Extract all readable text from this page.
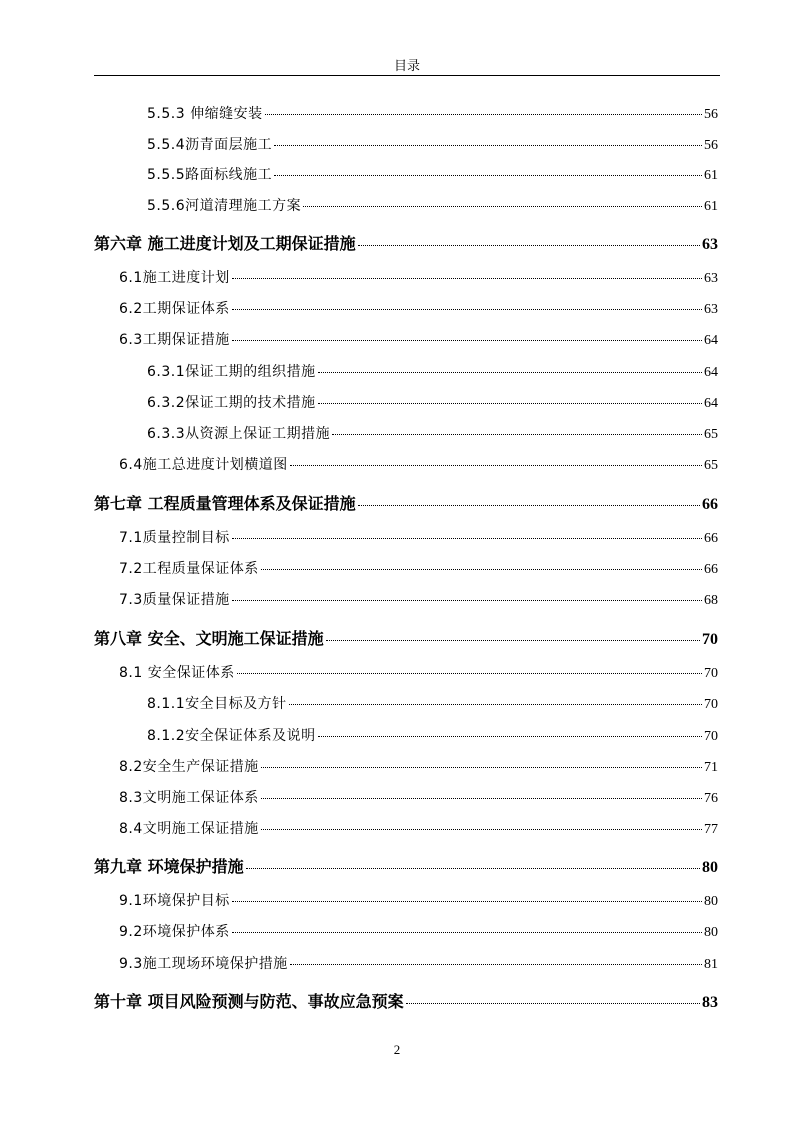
目录
5.5.3 伸缩缝安装	56
5.5.4沥青面层施工	56
5.5.5路面标线施工	61
5.5.6河道清理施工方案	61
第六章 施工进度计划及工期保证措施	63
6.1施工进度计划	63
6.2工期保证体系	63
6.3工期保证措施	64
6.3.1保证工期的组织措施	64
6.3.2保证工期的技术措施	64
6.3.3从资源上保证工期措施	65
6.4施工总进度计划横道图	65
第七章 工程质量管理体系及保证措施	66
7.1质量控制目标	66
7.2工程质量保证体系	66
7.3质量保证措施	68
第八章 安全、文明施工保证措施	70
8.1 安全保证体系	70
8.1.1安全目标及方针	70
8.1.2安全保证体系及说明	70
8.2安全生产保证措施	71
8.3文明施工保证体系	76
8.4文明施工保证措施	77
第九章 环境保护措施	80
9.1环境保护目标	80
9.2环境保护体系	80
9.3施工现场环境保护措施	81
第十章 项目风险预测与防范、事故应急预案	83
2
